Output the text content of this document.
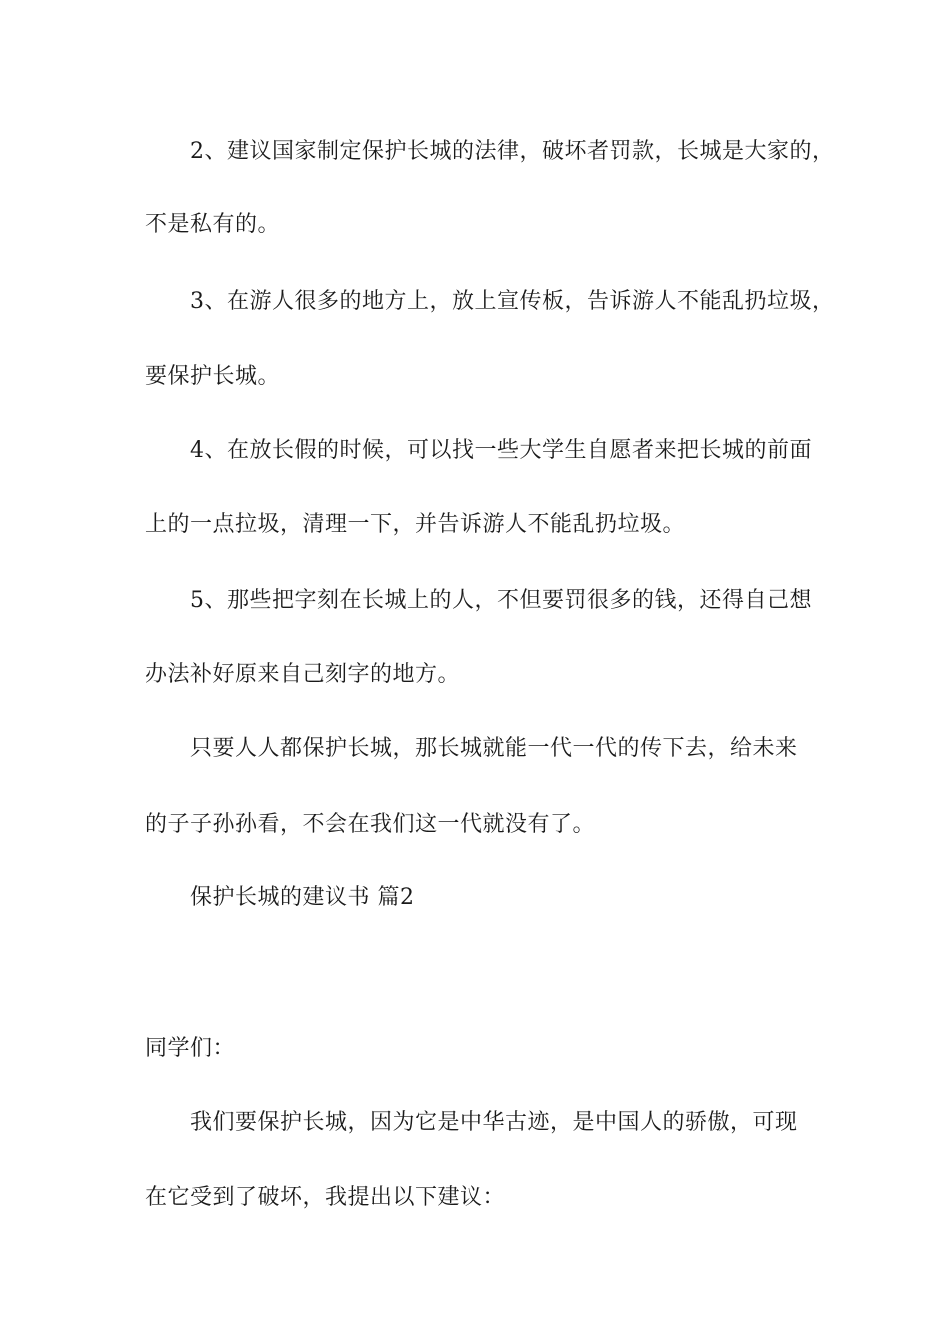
2、建议国家制定保护长城的法律，破坏者罚款，长城是大家的，
不是私有的。
3、在游人很多的地方上，放上宣传板，告诉游人不能乱扔垃圾，
要保护长城。
4、在放长假的时候，可以找一些大学生自愿者来把长城的前面
上的一点拉圾，清理一下，并告诉游人不能乱扔垃圾。
5、那些把字刻在长城上的人，不但要罚很多的钱，还得自己想
办法补好原来自己刻字的地方。
只要人人都保护长城，那长城就能一代一代的传下去，给未来
的子子孙孙看，不会在我们这一代就没有了。
保护长城的建议书 篇2
同学们：
我们要保护长城，因为它是中华古迹，是中国人的骄傲，可现
在它受到了破坏，我提出以下建议：
